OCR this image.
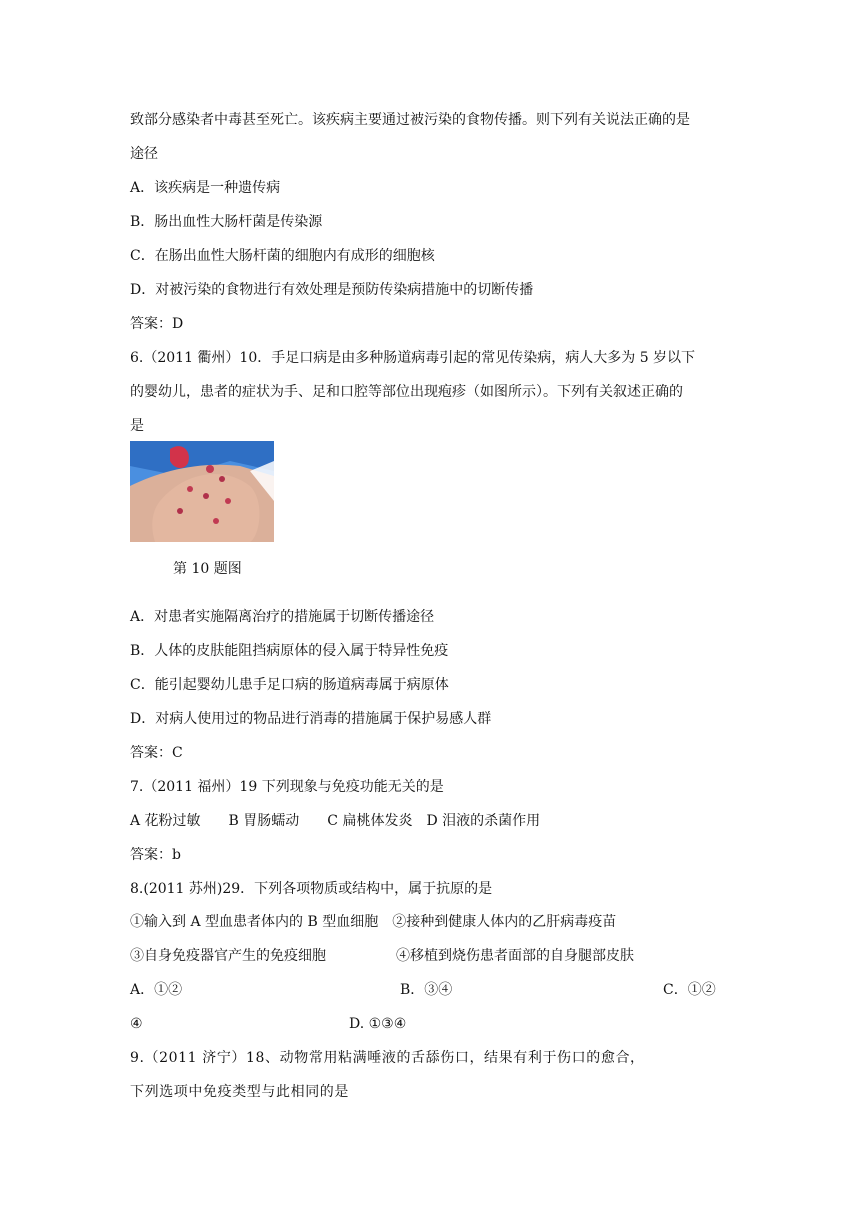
致部分感染者中毒甚至死亡。该疾病主要通过被污染的食物传播。则下列有关说法正确的是
途径
A．该疾病是一种遗传病
B．肠出血性大肠杆菌是传染源
C．在肠出血性大肠杆菌的细胞内有成形的细胞核
D．对被污染的食物进行有效处理是预防传染病措施中的切断传播
答案：D
6.（2011 衢州）10．手足口病是由多种肠道病毒引起的常见传染病，病人大多为 5 岁以下
的婴幼儿，患者的症状为手、足和口腔等部位出现疱疹（如图所示）。下列有关叙述正确的
是
第 10 题图
A．对患者实施隔离治疗的措施属于切断传播途径
B．人体的皮肤能阻挡病原体的侵入属于特异性免疫
C．能引起婴幼儿患手足口病的肠道病毒属于病原体
D．对病人使用过的物品进行消毒的措施属于保护易感人群
答案：C
7.（2011 福州）19 下列现象与免疫功能无关的是
A 花粉过敏　　B 胃肠蠕动　　C 扁桃体发炎　D 泪液的杀菌作用
答案：b
8.(2011 苏州)29．下列各项物质或结构中，属于抗原的是
①输入到 A 型血患者体内的 B 型血细胞　②接种到健康人体内的乙肝病毒疫苗
③自身免疫器官产生的免疫细胞　　　　　④移植到烧伤患者面部的自身腿部皮肤
A．①②	B．③④	C．①②
④	D. ①③④
9.（2011 济宁）18、动物常用粘满唾液的舌舔伤口，结果有利于伤口的愈合，
下列选项中免疫类型与此相同的是
